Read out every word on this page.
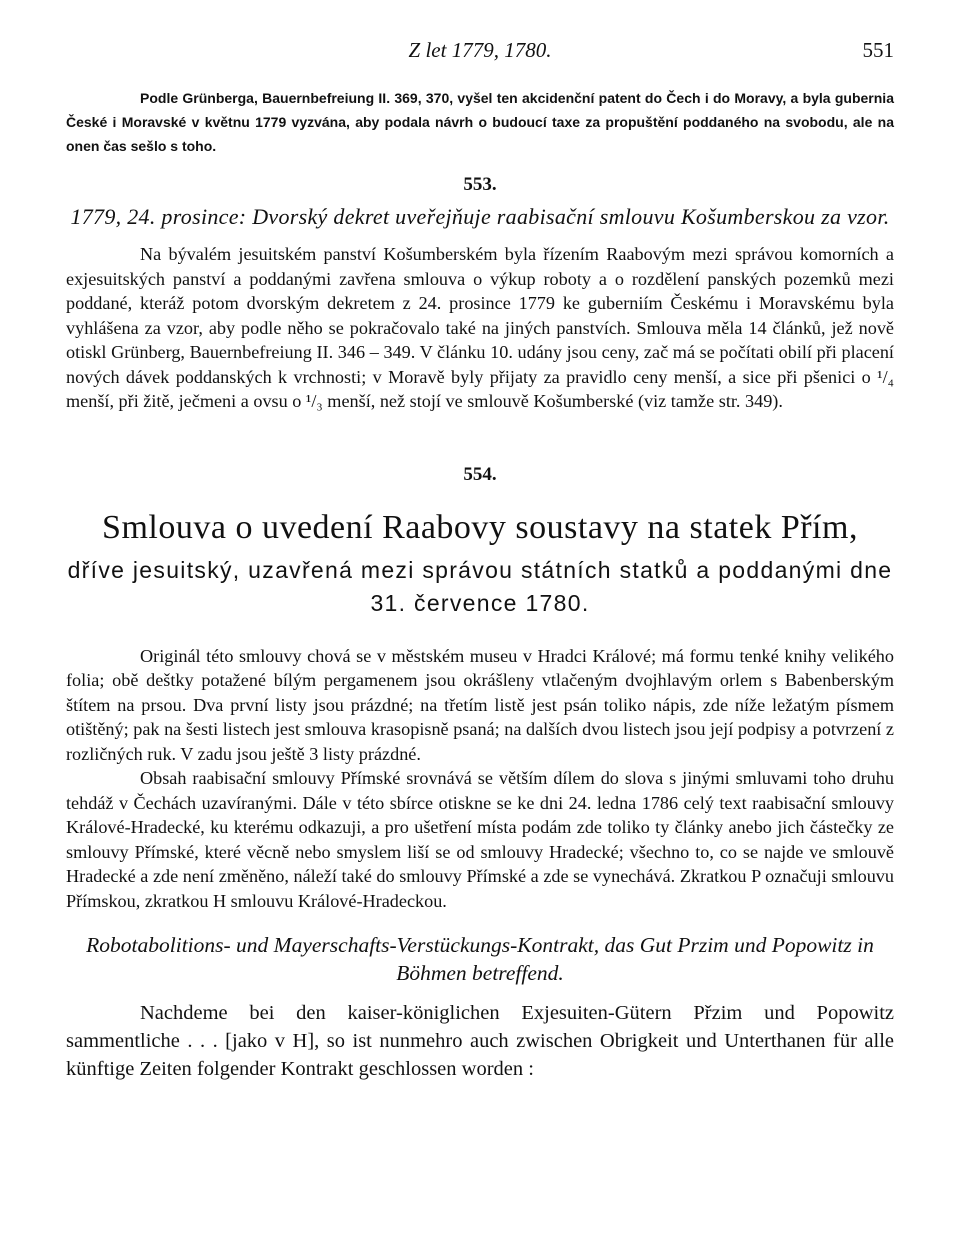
Z let 1779, 1780.	551

Podle Grünberga, Bauernbefreiung II. 369, 370, vyšel ten akcidenční patent do Čech i do Moravy, a byla gubernia České i Moravské v květnu 1779 vyzvána, aby podala návrh o budoucí taxe za propuštění poddaného na svobodu, ale na onen čas sešlo s toho.

553.

1779, 24. prosince: Dvorský dekret uveřejňuje raabisační smlouvu Košumberskou za vzor.

Na bývalém jesuitském panství Košumberském byla řízením Raabovým mezi správou komorních a exjesuitských panství a poddanými zavřena smlouva o výkup roboty a o rozdělení panských pozemků mezi poddané, kteráž potom dvorským dekretem z 24. prosince 1779 ke guberniím Českému i Moravskému byla vyhlášena za vzor, aby podle něho se pokračovalo také na jiných panstvích. Smlouva měla 14 článků, jež nově otiskl Grünberg, Bauernbefreiung II. 346 – 349. V článku 10. udány jsou ceny, zač má se počítati obilí při placení nových dávek poddanských k vrchnosti; v Moravě byly přijaty za pravidlo ceny menší, a sice při pšenici o ¹/₄ menší, při žitě, ječmeni a ovsu o ¹/₃ menší, než stojí ve smlouvě Košumberské (viz tamže str. 349).

554.

Smlouva o uvedení Raabovy soustavy na statek Přím,

dříve jesuitský, uzavřená mezi správou státních statků a poddanými dne 31. července 1780.

Originál této smlouvy chová se v městském museu v Hradci Králové; má formu tenké knihy velikého folia; obě deštky potažené bílým pergamenem jsou okrášleny vtlačeným dvojhlavým orlem s Babenberským štítem na prsou. Dva první listy jsou prázdné; na třetím listě jest psán toliko nápis, zde níže ležatým písmem otištěný; pak na šesti listech jest smlouva krasopisně psaná; na dalších dvou listech jsou její podpisy a potvrzení z rozličných ruk. V zadu jsou ještě 3 listy prázdné.

Obsah raabisační smlouvy Přímské srovnává se větším dílem do slova s jinými smluvami toho druhu tehdáž v Čechách uzavíranými. Dále v této sbírce otiskne se ke dni 24. ledna 1786 celý text raabisační smlouvy Králové-Hradecké, ku kterému odkazuji, a pro ušetření místa podám zde toliko ty články anebo jich částečky ze smlouvy Přímské, které věcně nebo smyslem liší se od smlouvy Hradecké; všechno to, co se najde ve smlouvě Hradecké a zde není změněno, náleží také do smlouvy Přímské a zde se vynechává. Zkratkou P označuji smlouvu Přímskou, zkratkou H smlouvu Králové-Hradeckou.

Robotabolitions- und Mayerschafts-Verstückungs-Kontrakt, das Gut Przim und Popowitz in Böhmen betreffend.

Nachdeme bei den kaiser-königlichen Exjesuiten-Gütern Přzim und Popowitz sammentliche . . . [jako v H], so ist nunmehro auch zwischen Obrigkeit und Unterthanen für alle künftige Zeiten folgender Kontrakt geschlossen worden :
